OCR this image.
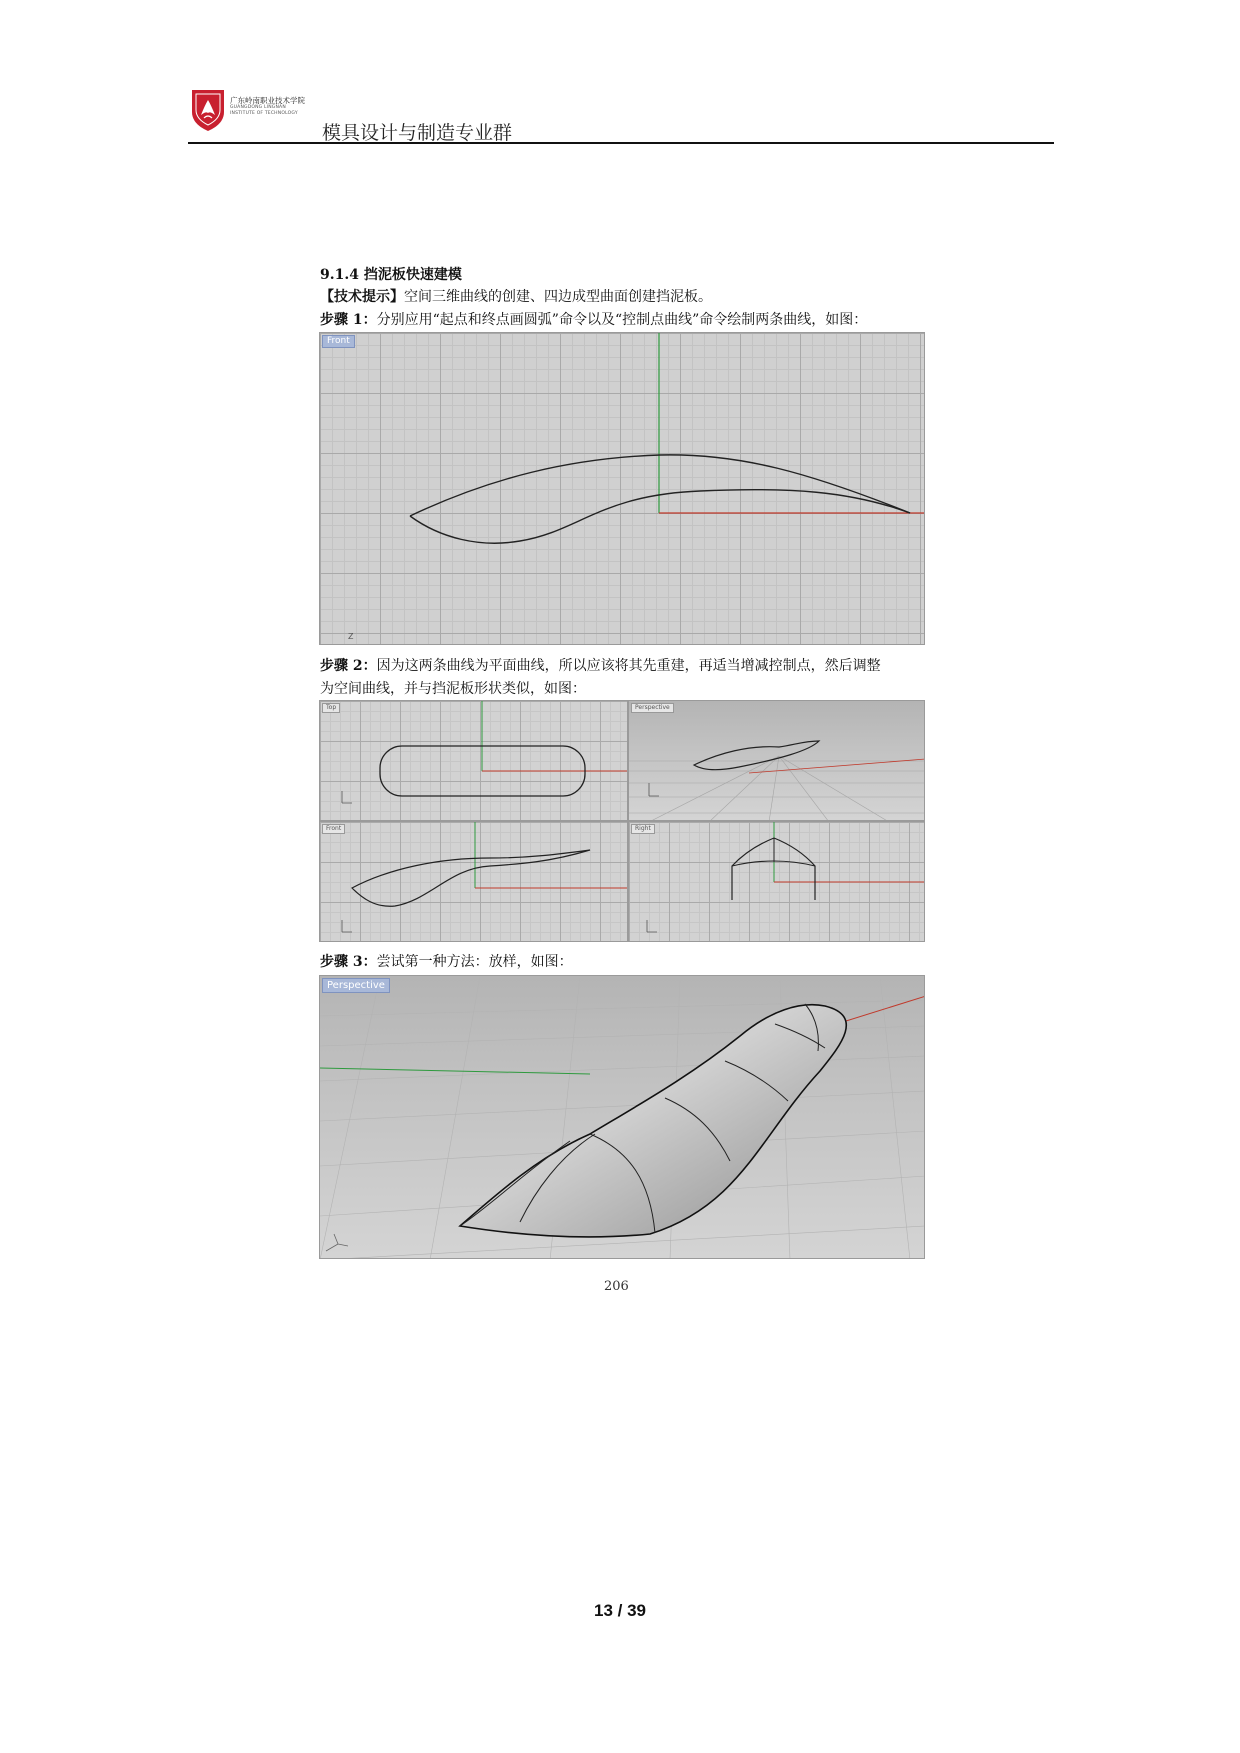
广东岭南职业技术学院
GUANGDONG LINGNAN
INSTITUTE OF TECHNOLOGY
模具设计与制造专业群
9.1.4 挡泥板快速建模
【技术提示】空间三维曲线的创建、四边成型曲面创建挡泥板。
步骤 1：分别应用“起点和终点画圆弧”命令以及“控制点曲线”命令绘制两条曲线，如图：
Z
Front
步骤 2：因为这两条曲线为平面曲线，所以应该将其先重建，再适当增减控制点，然后调整
为空间曲线，并与挡泥板形状类似，如图：
Top	Perspective
Front	Right
步骤 3：尝试第一种方法：放样，如图：
Perspective
206
13 / 39
